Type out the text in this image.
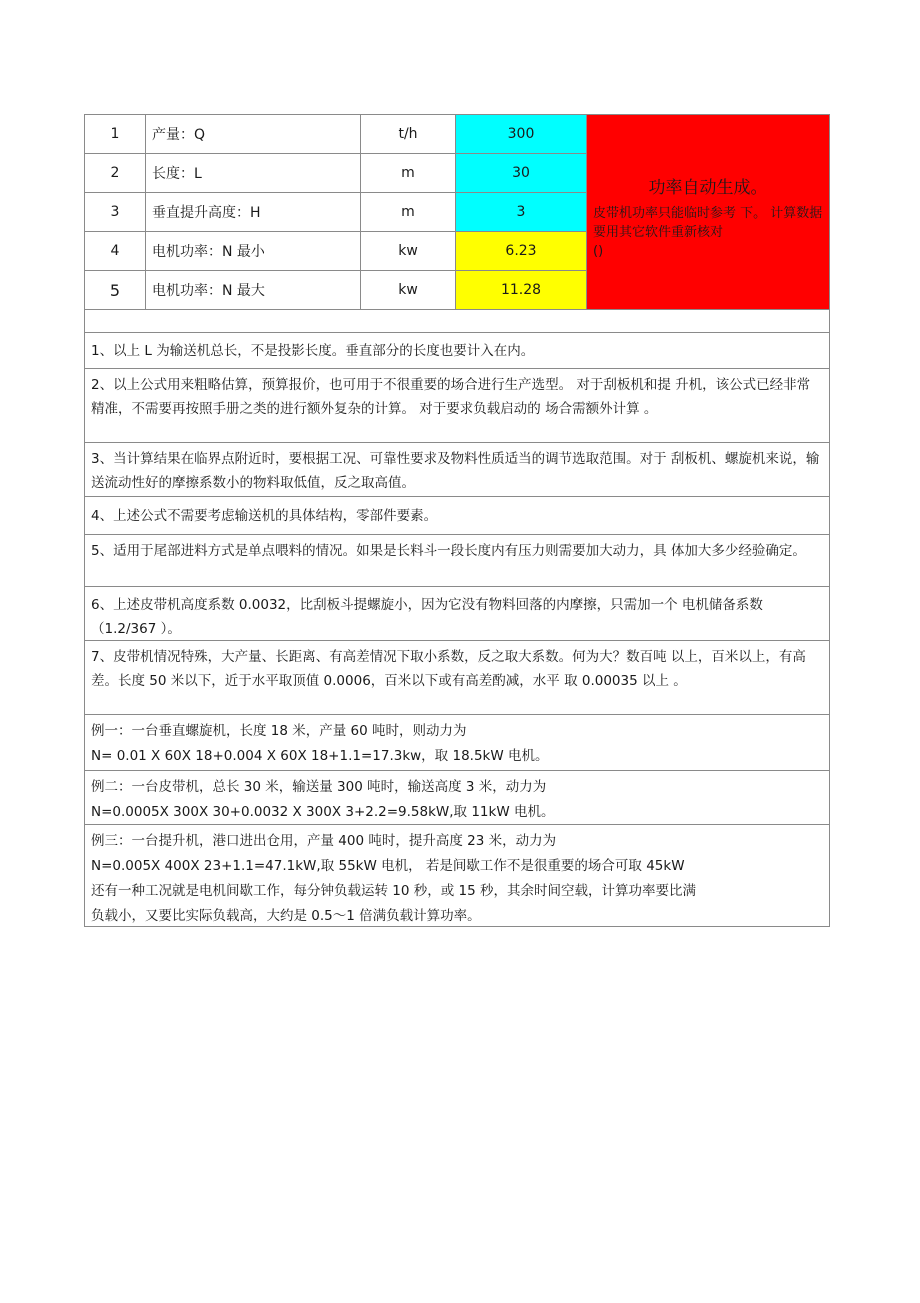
1	产量：Q	t/h	300	功率自动生成。
皮带机功率只能临时参考 下。 计算数据要用其它软件重新核对
()

2	长度：L	m	30	
3	垂直提升高度：H	m	3	
4	电机功率：N 最小	kw	6.23	
5	电机功率：N 最大	kw	11.28	

1、以上 L 为输送机总长，不是投影长度。垂直部分的长度也要计入在内。

2、以上公式用来粗略估算，预算报价，也可用于不很重要的场合进行生产选型。 对于刮板机和提 升机，该公式已经非常精准，不需要再按照手册之类的进行额外复杂的计算。 对于要求负载启动的 场合需额外计算 。

3、当计算结果在临界点附近时，要根据工况、可靠性要求及物料性质适当的调节选取范围。对于 刮板机、螺旋机来说，输送流动性好的摩擦系数小的物料取低值，反之取高值。

4、上述公式不需要考虑输送机的具体结构，零部件要素。

5、适用于尾部进料方式是单点喂料的情况。如果是长料斗一段长度内有压力则需要加大动力，具 体加大多少经验确定。

6、上述皮带机高度系数 0.0032，比刮板斗提螺旋小，因为它没有物料回落的内摩擦，只需加一个 电机储备系数（1.2/367 ）。

7、皮带机情况特殊，大产量、长距离、有高差情况下取小系数，反之取大系数。何为大？数百吨 以上，百米以上，有高差。长度 50 米以下，近于水平取顶值 0.0006，百米以下或有高差酌减，水平 取 0.00035 以上 。

例一：一台垂直螺旋机，长度 18 米，产量 60 吨时，则动力为

N= 0.01 X 60X 18+0.004 X 60X 18+1.1=17.3kw，取 18.5kW 电机。

例二：一台皮带机，总长 30 米，输送量 300 吨时，输送高度 3 米，动力为

N=0.0005X 300X 30+0.0032 X 300X 3+2.2=9.58kW,取 11kW 电机。

例三：一台提升机，港口进出仓用，产量 400 吨时，提升高度 23 米，动力为

N=0.005X 400X 23+1.1=47.1kW,取 55kW 电机， 若是间歇工作不是很重要的场合可取 45kW

还有一种工况就是电机间歇工作，每分钟负载运转 10 秒，或 15 秒，其余时间空载，计算功率要比满

负载小，又要比实际负载高，大约是 0.5～1 倍满负载计算功率。
